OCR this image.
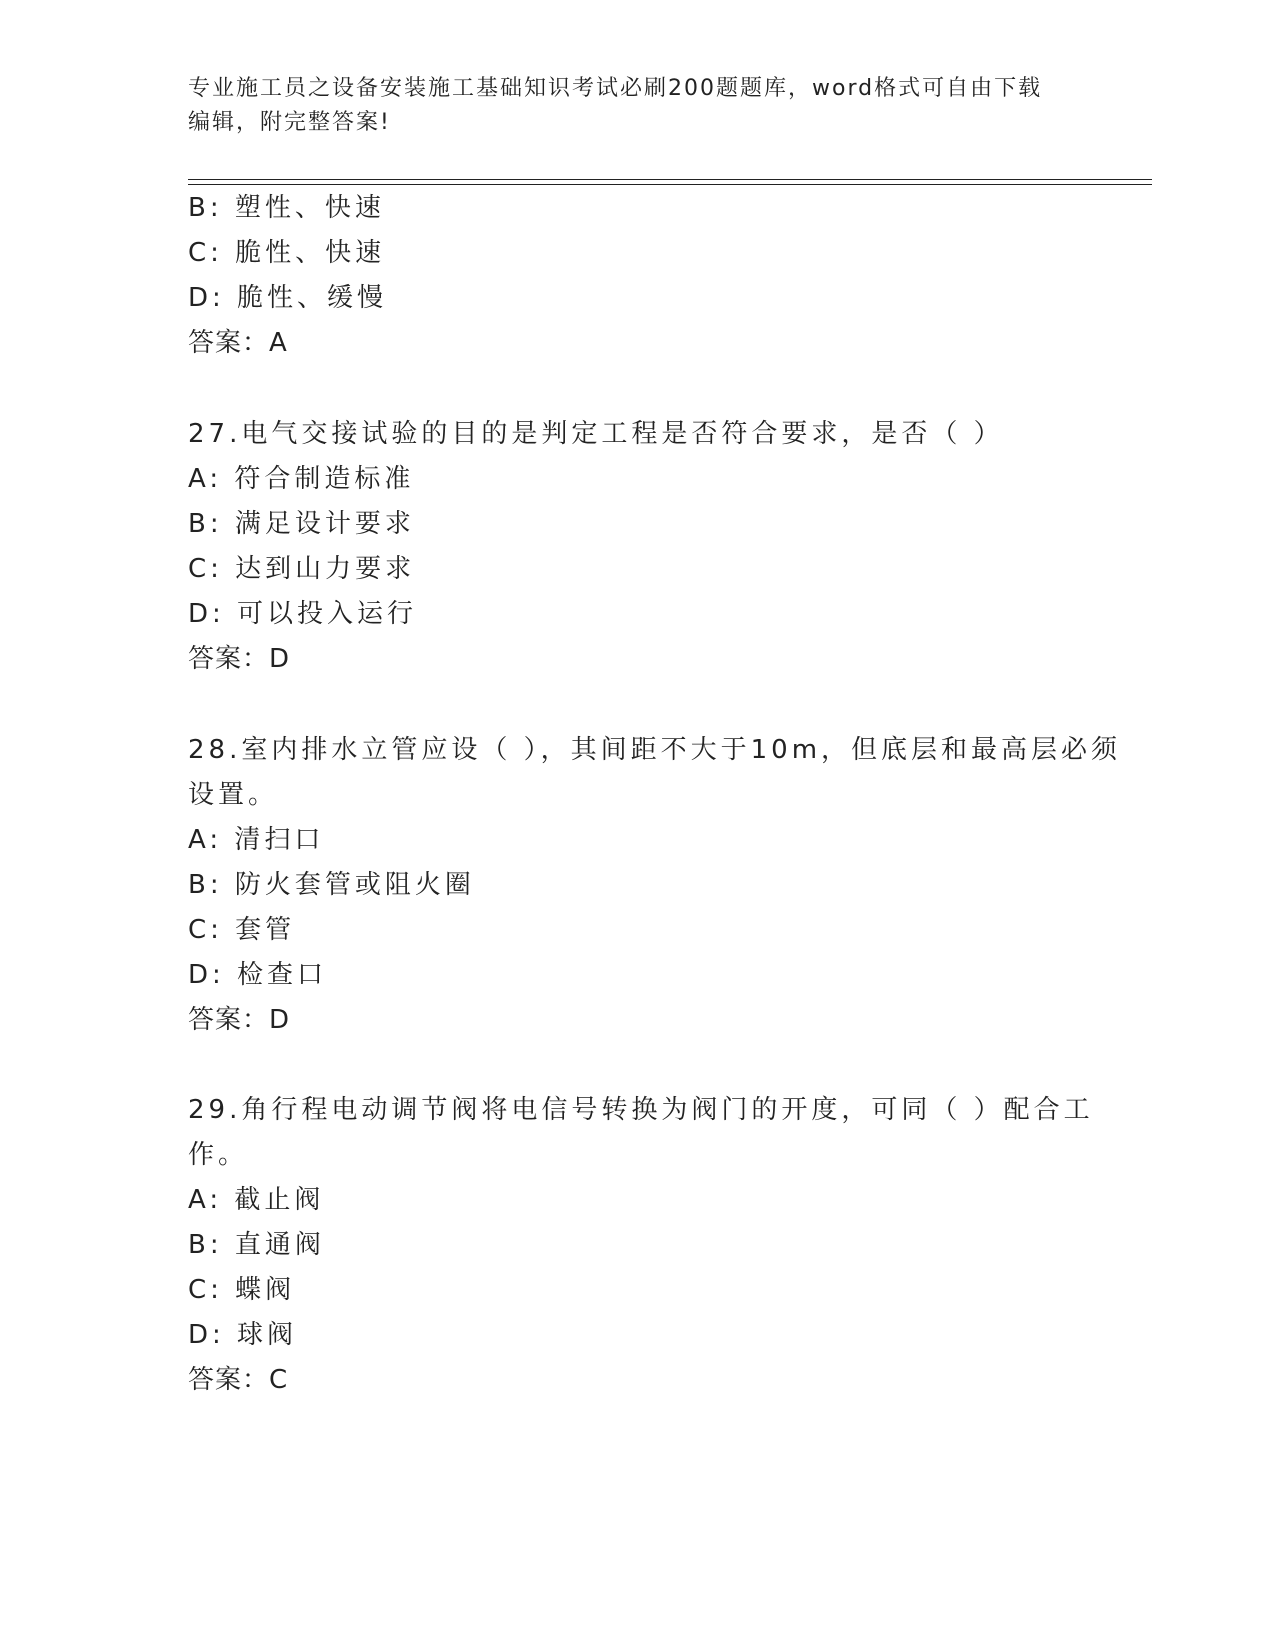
专业施工员之设备安装施工基础知识考试必刷200题题库，word格式可自由下载
编辑，附完整答案!
B: 塑性、快速
C: 脆性、快速
D: 脆性、缓慢
答案：A
27.电气交接试验的目的是判定工程是否符合要求，是否（ ）
A: 符合制造标准
B: 满足设计要求
C: 达到山力要求
D: 可以投入运行
答案：D
28.室内排水立管应设（ ），其间距不大于10m，但底层和最高层必须
设置。
A: 清扫口
B: 防火套管或阻火圈
C: 套管
D: 检查口
答案：D
29.角行程电动调节阀将电信号转换为阀门的开度，可同（ ）配合工
作。
A: 截止阀
B: 直通阀
C: 蝶阀
D: 球阀
答案：C
